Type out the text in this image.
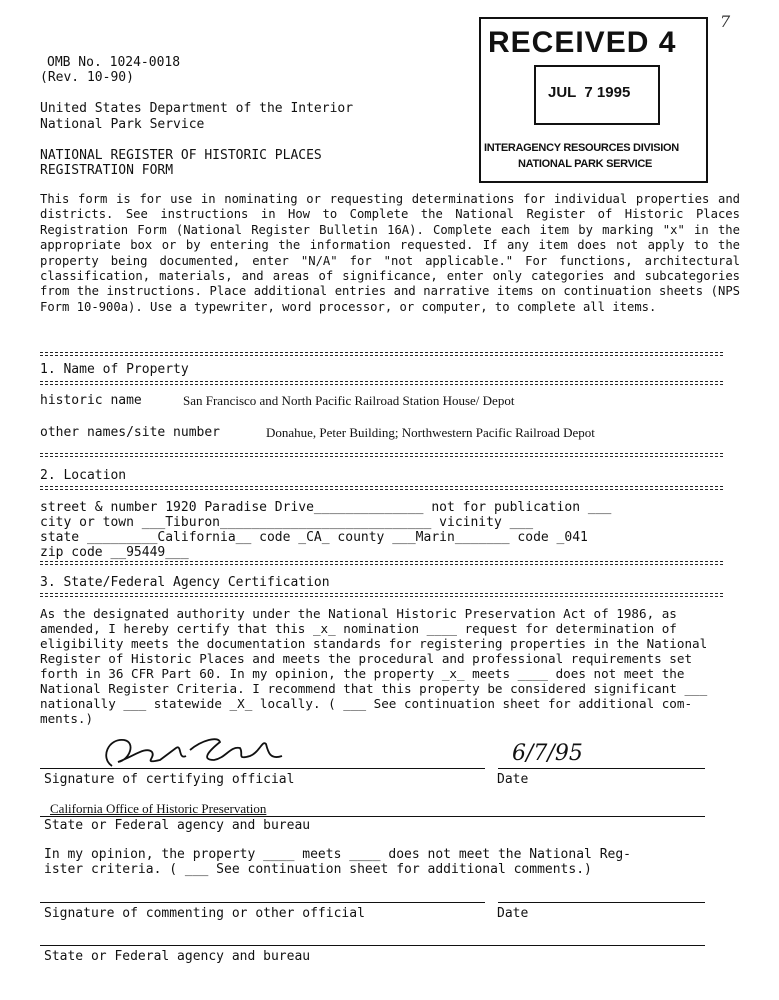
OMB No. 1024-0018
(Rev. 10-90)
United States Department of the Interior
National Park Service
NATIONAL REGISTER OF HISTORIC PLACES
REGISTRATION FORM
RECEIVED 4
7
JUL  7 1995
INTERAGENCY RESOURCES DIVISION
NATIONAL PARK SERVICE
This form is for use in nominating or requesting determinations for individual properties and districts. See instructions in How to Complete the National Register of Historic Places Registration Form (National Register Bulletin 16A). Complete each item by marking "x" in the appropriate box or by entering the information requested. If any item does not apply to the property being documented, enter "N/A" for "not applicable." For functions, architectural classification, materials, and areas of significance, enter only categories and subcategories from the instructions. Place additional entries and narrative items on continuation sheets (NPS Form 10-900a). Use a typewriter, word processor, or computer, to complete all items.
1. Name of Property
historic name	San Francisco and North Pacific Railroad Station House/ Depot
other names/site number	Donahue, Peter Building; Northwestern Pacific Railroad Depot
2. Location
street & number 1920 Paradise Drive______________ not for publication ___
city or town ___Tiburon___________________________ vicinity ___
state _________California__ code _CA_ county ___Marin_______ code _041
zip code __95449___
3. State/Federal Agency Certification
As the designated authority under the National Historic Preservation Act of 1986, as
amended, I hereby certify that this _x_ nomination ____ request for determination of
eligibility meets the documentation standards for registering properties in the National
Register of Historic Places and meets the procedural and professional requirements set
forth in 36 CFR Part 60. In my opinion, the property _x_ meets ____ does not meet the
National Register Criteria. I recommend that this property be considered significant ___
nationally ___ statewide _X_ locally. ( ___ See continuation sheet for additional com-
ments.)
6/7/95
Signature of certifying official	Date
California Office of Historic Preservation
State or Federal agency and bureau
In my opinion, the property ____ meets ____ does not meet the National Reg-
ister criteria. ( ___ See continuation sheet for additional comments.)
Signature of commenting or other official	Date
State or Federal agency and bureau
